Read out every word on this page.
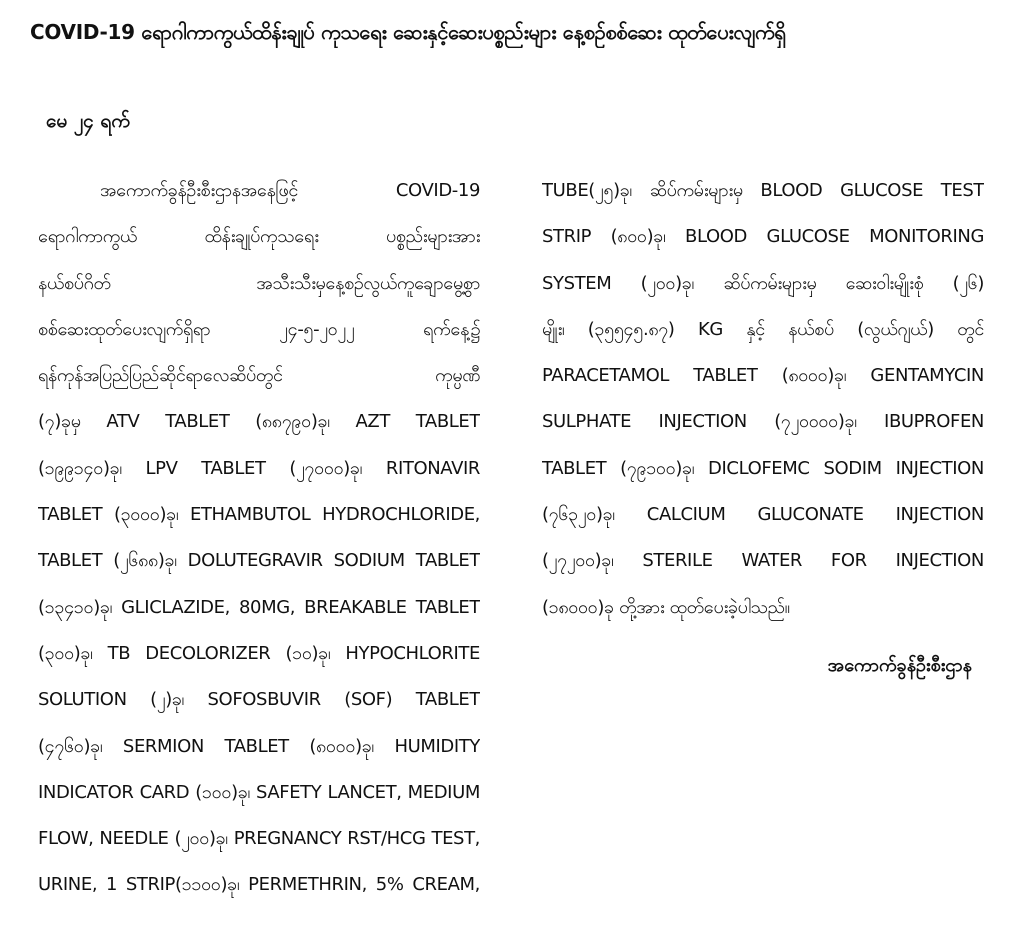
COVID-19 ရောဂါကာကွယ်ထိန်းချုပ် ကုသရေး ဆေးနှင့်ဆေးပစ္စည်းများ နေ့စဉ်စစ်ဆေး ထုတ်ပေးလျက်ရှိ
မေ ၂၄ ရက်
အကောက်ခွန်ဦးစီးဌာနအနေဖြင့် COVID-19
ရောဂါကာကွယ် ထိန်းချုပ်ကုသရေး ပစ္စည်းများအား
နယ်စပ်ဂိတ် အသီးသီးမှနေ့စဉ်လွယ်ကူချောမွေ့စွာ
စစ်ဆေးထုတ်ပေးလျက်ရှိရာ ၂၄-၅-၂၀၂၂ ရက်နေ့၌
ရန်ကုန်အပြည်ပြည်ဆိုင်ရာလေဆိပ်တွင် ကုမ္ပဏီ
(၇)ခုမှ ATV TABLET (၈၈၇၉၀)ခု၊ AZT TABLET
(၁၉၉၁၄၀)ခု၊ LPV TABLET (၂၇၀၀၀)ခု၊ RITONAVIR
TABLET (၃၀၀၀)ခု၊ ETHAMBUTOL HYDROCHLORIDE,
TABLET (၂၆၈၈)ခု၊ DOLUTEGRAVIR SODIUM TABLET
(၁၃၄၁၀)ခု၊ GLICLAZIDE, 80MG, BREAKABLE TABLET
(၃၀၀)ခု၊ TB DECOLORIZER (၁၀)ခု၊ HYPOCHLORITE
SOLUTION (၂)ခု၊ SOFOSBUVIR (SOF) TABLET
(၄၇၆၀)ခု၊ SERMION TABLET (၈၀၀၀)ခု၊ HUMIDITY
INDICATOR CARD (၁၀၀)ခု၊ SAFETY LANCET, MEDIUM
FLOW, NEEDLE (၂၀၀)ခု၊ PREGNANCY RST/HCG TEST,
URINE, 1 STRIP(၁၁၀၀)ခု၊ PERMETHRIN, 5% CREAM,
TUBE(၂၅)ခု၊ ဆိပ်ကမ်းများမှ BLOOD GLUCOSE TEST
STRIP (၈၀၀)ခု၊ BLOOD GLUCOSE MONITORING
SYSTEM (၂၀၀)ခု၊ ဆိပ်ကမ်းများမှ ဆေးဝါးမျိုးစုံ (၂၆)
မျိုး၊ (၃၅၅၄၅.၈၇) KG နှင့် နယ်စပ် (လွယ်ဂျယ်) တွင်
PARACETAMOL TABLET (၈၀၀၀)ခု၊ GENTAMYCIN
SULPHATE INJECTION (၇၂၀၀၀၀)ခု၊ IBUPROFEN
TABLET (၇၉၁၀၀)ခု၊ DICLOFEMC SODIM INJECTION
(၇၆၃၂၀)ခု၊ CALCIUM GLUCONATE INJECTION
(၂၇၂၀၀)ခု၊ STERILE WATER FOR INJECTION
(၁၈၀၀၀)ခု တို့အား ထုတ်ပေးခဲ့ပါသည်။
အကောက်ခွန်ဦးစီးဌာန
